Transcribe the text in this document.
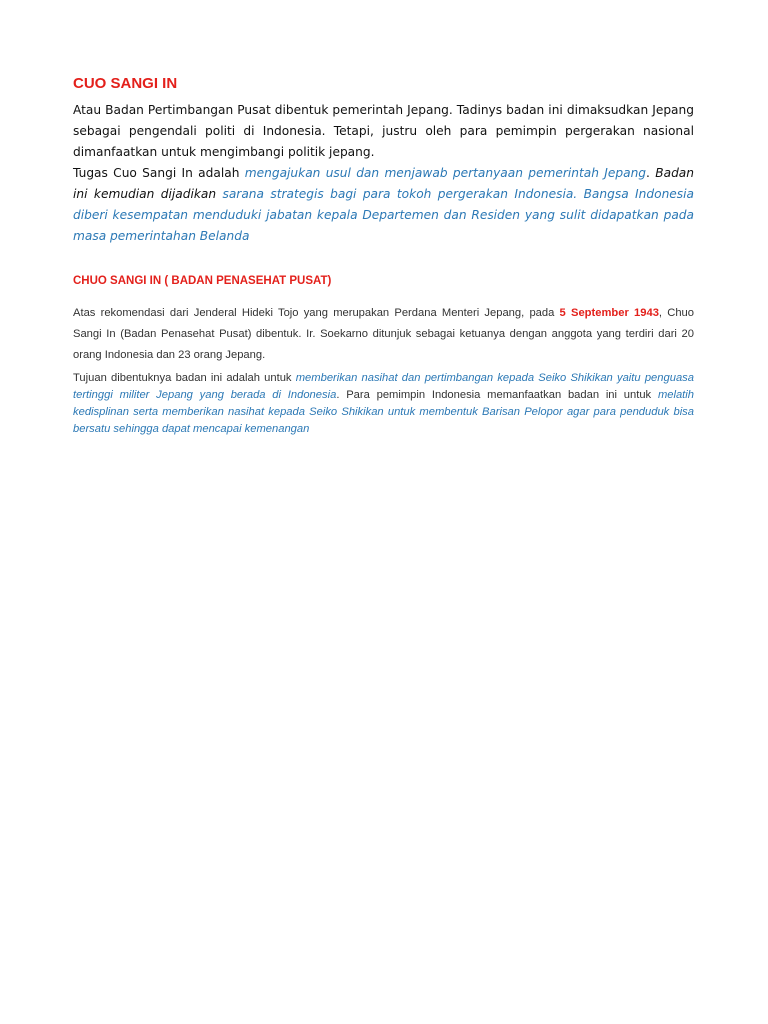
CUO SANGI IN

Atau Badan Pertimbangan Pusat dibentuk pemerintah Jepang. Tadinys badan ini dimaksudkan Jepang sebagai pengendali politi di Indonesia. Tetapi, justru oleh para pemimpin pergerakan nasional dimanfaatkan untuk mengimbangi politik jepang.

Tugas Cuo Sangi In adalah mengajukan usul dan menjawab pertanyaan pemerintah Jepang. Badan ini kemudian dijadikan sarana strategis bagi para tokoh pergerakan Indonesia. Bangsa Indonesia diberi kesempatan menduduki jabatan kepala Departemen dan Residen yang sulit didapatkan pada masa pemerintahan Belanda

CHUO SANGI IN ( BADAN PENASEHAT PUSAT)

Atas rekomendasi dari Jenderal Hideki Tojo yang merupakan Perdana Menteri Jepang, pada 5 September 1943, Chuo Sangi In (Badan Penasehat Pusat) dibentuk. Ir. Soekarno ditunjuk sebagai ketuanya dengan anggota yang terdiri dari 20 orang Indonesia dan 23 orang Jepang.

Tujuan dibentuknya badan ini adalah untuk memberikan nasihat dan pertimbangan kepada Seiko Shikikan yaitu penguasa tertinggi militer Jepang yang berada di Indonesia. Para pemimpin Indonesia memanfaatkan badan ini untuk melatih kedisplinan serta memberikan nasihat kepada Seiko Shikikan untuk membentuk Barisan Pelopor agar para penduduk bisa bersatu sehingga dapat mencapai kemenangan
